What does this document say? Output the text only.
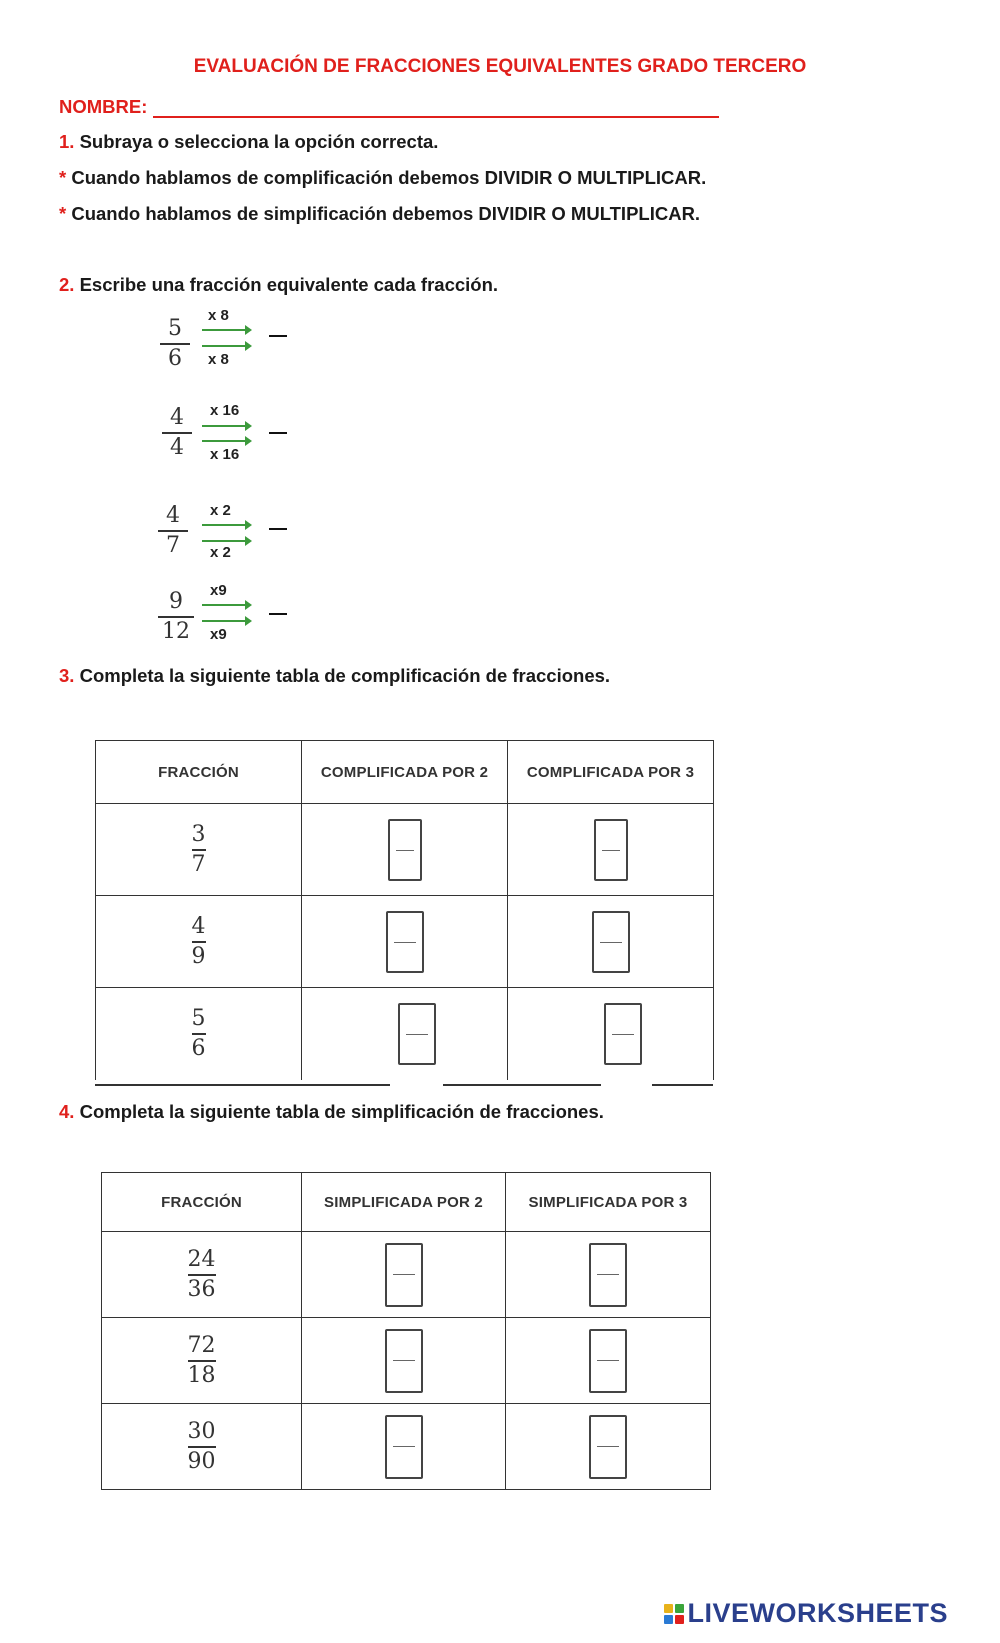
EVALUACIÓN DE FRACCIONES EQUIVALENTES GRADO TERCERO
NOMBRE:
1. Subraya o selecciona la opción correcta.
* Cuando hablamos de complificación debemos DIVIDIR O MULTIPLICAR.
* Cuando hablamos de simplificación debemos DIVIDIR O MULTIPLICAR.
2. Escribe una fracción equivalente cada fracción.
5
6
x 8
x 8
4
4
x 16
x 16
4
7
x 2
x 2
9
12
x9
x9
3. Completa la siguiente tabla de complificación de fracciones.
FRACCIÓN	COMPLIFICADA POR 2	COMPLIFICADA POR 3

$\frac{3}{7}$

$\frac{4}{9}$

$\frac{5}{6}$

4. Completa la siguiente tabla de simplificación de fracciones.
FRACCIÓN	SIMPLIFICADA POR 2	SIMPLIFICADA POR 3

$\frac{24}{36}$

$\frac{72}{18}$

$\frac{30}{90}$

LIVEWORKSHEETS
